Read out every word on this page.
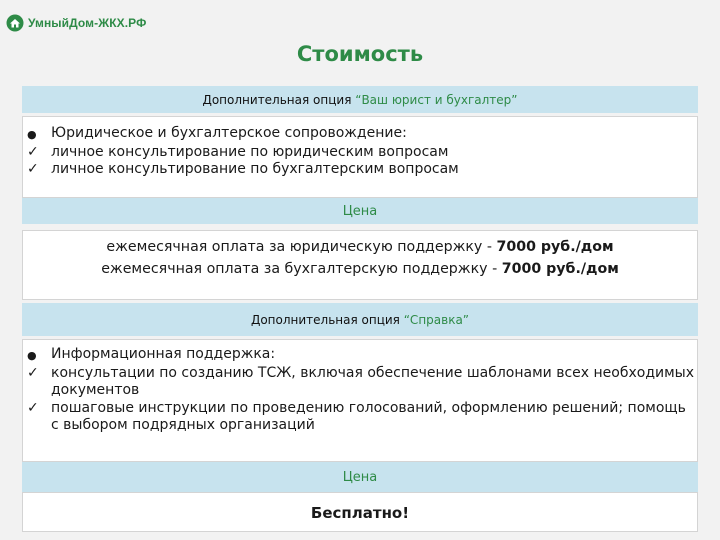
УмныйДом-ЖКХ.РФ
Стоимость
Дополнительная опция “Ваш юрист и бухгалтер”
●	Юридическое и бухгалтерское сопровождение:
✓ личное консультирование по юридическим вопросам
✓ личное консультирование по бухгалтерским вопросам
Цена
ежемесячная оплата за юридическую поддержку - 7000 руб./дом
ежемесячная оплата за бухгалтерскую поддержку - 7000 руб./дом
Дополнительная опция “Справка”
●	Информационная поддержка:
✓ консультации по созданию ТСЖ, включая обеспечение шаблонами всех необходимых документов
✓ пошаговые инструкции по проведению голосований, оформлению решений; помощь с выбором подрядных организаций
Цена
Бесплатно!
